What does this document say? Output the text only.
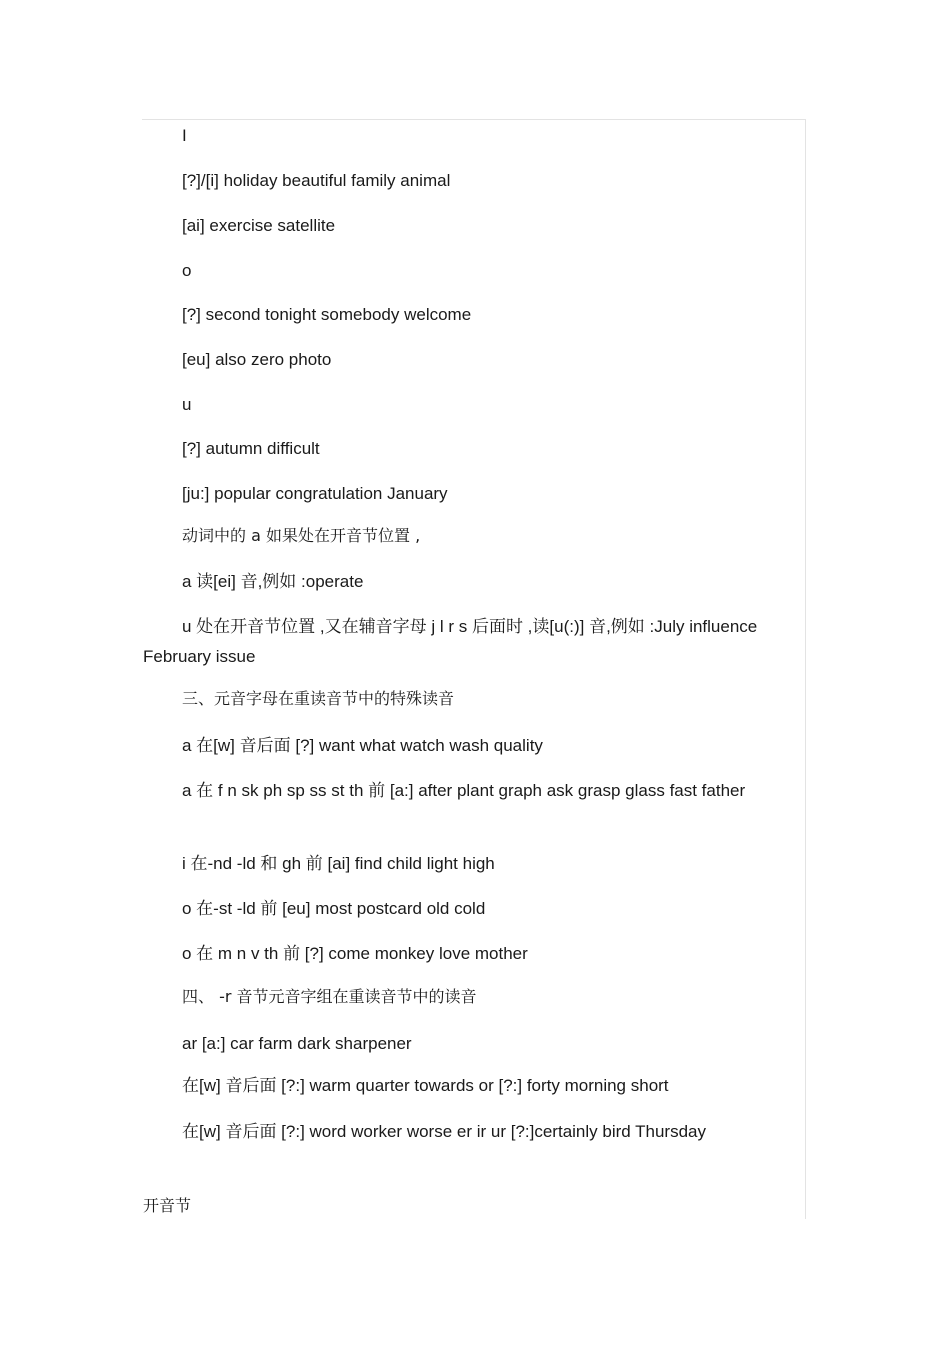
I
[?]/[i] holiday beautiful family animal
[ai] exercise satellite
o
[?] second tonight somebody welcome
[eu] also zero photo
u
[?] autumn difficult
[ju:] popular congratulation January
动词中的 a 如果处在开音节位置 ,
a 读[ei] 音,例如 :operate
u 处在开音节位置 ,又在辅音字母 j l r s 后面时 ,读[u(:)] 音,例如 :July influence February issue
三、元音字母在重读音节中的特殊读音
a 在[w] 音后面 [?] want what watch wash quality
a 在 f n sk ph sp ss st th 前 [a:] after plant graph ask grasp glass fast father
i 在-nd -ld 和 gh 前 [ai] find child light high
o 在-st -ld 前 [eu] most postcard old cold
o 在 m n v th 前 [?] come monkey love mother
四、 -r 音节元音字组在重读音节中的读音
ar [a:] car farm dark sharpener
在[w] 音后面 [?:] warm quarter towards or [?:] forty morning short
在[w] 音后面 [?:] word worker worse er ir ur [?:]certainly bird Thursday
开音节
